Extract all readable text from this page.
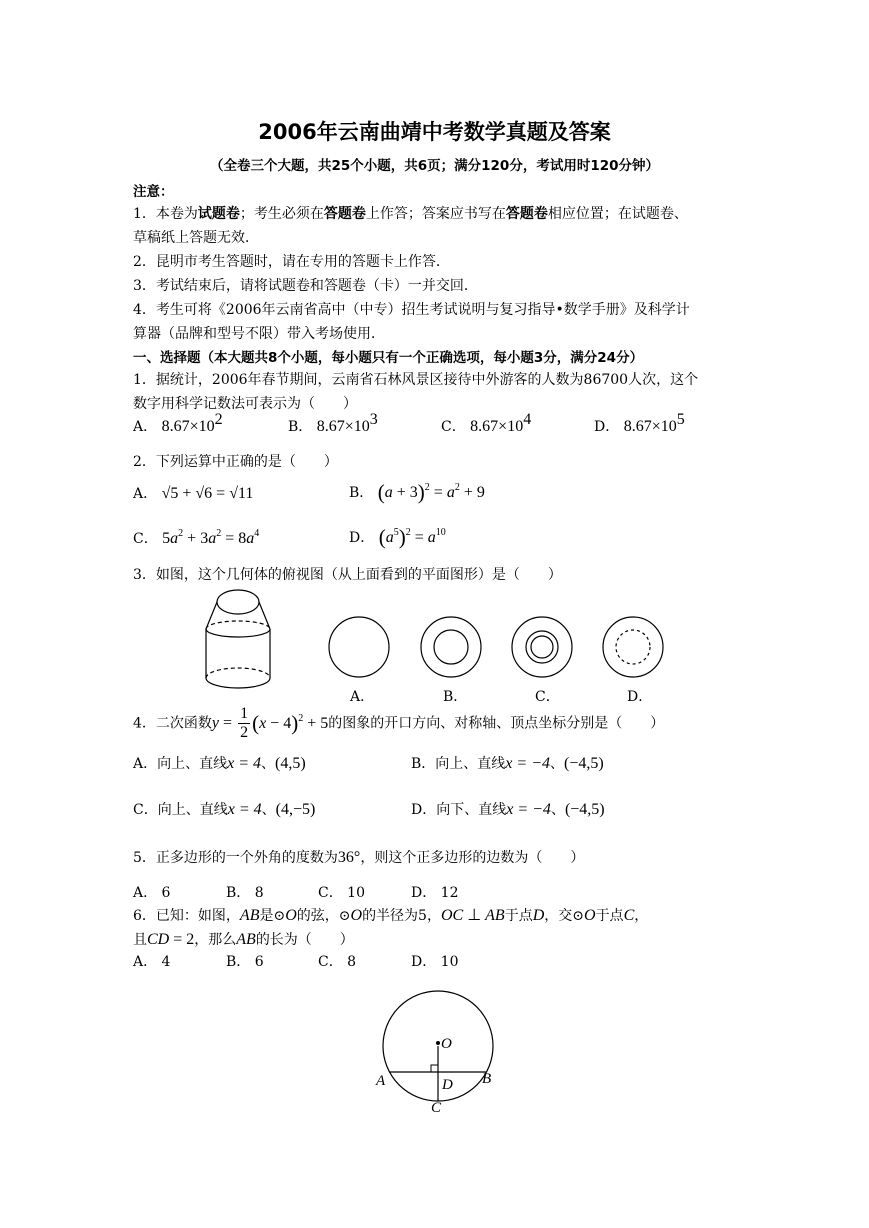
2006年云南曲靖中考数学真题及答案
（全卷三个大题，共25个小题，共6页；满分120分，考试用时120分钟）
注意：
1．本卷为试题卷；考生必须在答题卷上作答；答案应书写在答题卷相应位置；在试题卷、
草稿纸上答题无效．
2．昆明市考生答题时，请在专用的答题卡上作答．
3．考试结束后，请将试题卷和答题卷（卡）一并交回．
4．考生可将《2006年云南省高中（中专）招生考试说明与复习指导•数学手册》及科学计
算器（品牌和型号不限）带入考场使用．
一、选择题（本大题共8个小题，每小题只有一个正确选项，每小题3分，满分24分）
1．据统计，2006年春节期间，云南省石林风景区接待中外游客的人数为86700人次，这个
数字用科学记数法可表示为（　　）
A． $8.67\times 10^2$	B． $8.67\times 10^3$	C． $8.67\times 10^4$	D． $8.67\times 10^5$
2．下列运算中正确的是（　　）
A． √5 + √6 = √11	B． $(a + 3)^2 = a^2 + 9$
C． $5a^2 + 3a^2 = 8a^4$	D． $(a^5)^2 = a^{10}$
3．如图，这个几何体的俯视图（从上面看到的平面图形）是（　　）
A．	B．	C．	D．
4．二次函数$y = \frac{1}{2} (x - 4)^2 + 5$的图象的开口方向、对称轴、顶点坐标分别是（　　）
A．向上、直线x = 4、(4,5)	B．向上、直线x = −4、(−4,5)
C．向上、直线x = 4、(4,−5)	D．向下、直线x = −4、(−4,5)
5．正多边形的一个外角的度数为36°，则这个正多边形的边数为（　　）
A． 6	B． 8	C． 10	D． 12
6．已知：如图，AB是⊙O的弦，⊙O的半径为5，OC ⊥ AB于点D，交⊙O于点C，
且CD = 2，那么AB的长为（　　）
A． 4	B． 6	C． 8	D． 10
O
A	B
C
D
